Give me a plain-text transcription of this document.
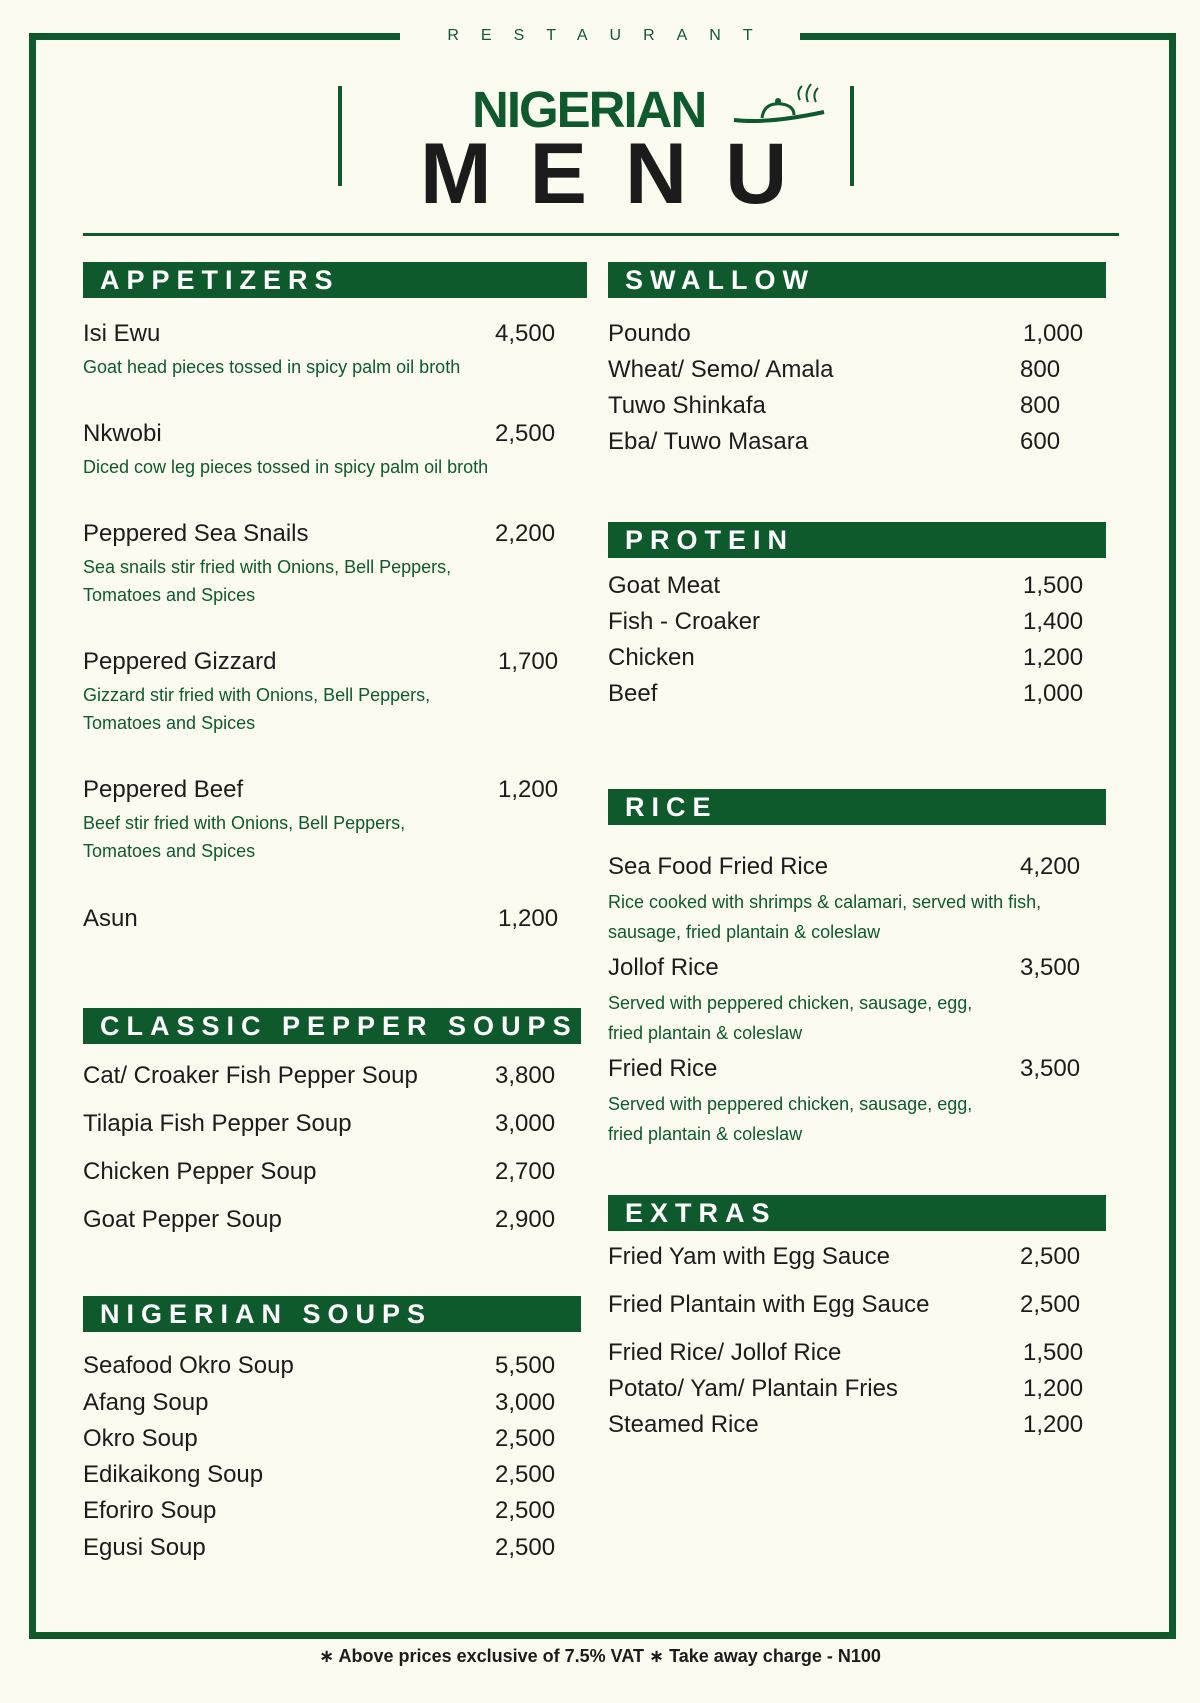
RESTAURANT
NIGERIAN
MENU
APPETIZERS
Isi Ewu	4,500
Goat head pieces tossed in spicy palm oil broth
Nkwobi	2,500
Diced cow leg pieces tossed in spicy palm oil broth
Peppered Sea Snails	2,200
Sea snails stir fried with Onions, Bell Peppers,
Tomatoes and Spices
Peppered Gizzard	1,700
Gizzard stir fried with Onions, Bell Peppers,
Tomatoes and Spices
Peppered Beef	1,200
Beef stir fried with Onions, Bell Peppers,
Tomatoes and Spices
Asun	1,200
CLASSIC PEPPER SOUPS
Cat/ Croaker Fish Pepper Soup	3,800
Tilapia Fish Pepper Soup	3,000
Chicken Pepper Soup	2,700
Goat Pepper Soup	2,900
NIGERIAN SOUPS
Seafood Okro Soup	5,500
Afang Soup	3,000
Okro Soup	2,500
Edikaikong Soup	2,500
Eforiro Soup	2,500
Egusi Soup	2,500
SWALLOW
Poundo	1,000
Wheat/ Semo/ Amala	800
Tuwo Shinkafa	800
Eba/ Tuwo Masara	600
PROTEIN
Goat Meat	1,500
Fish - Croaker	1,400
Chicken	1,200
Beef	1,000
RICE
Sea Food Fried Rice	4,200
Rice cooked with shrimps & calamari, served with fish,
sausage, fried plantain & coleslaw
Jollof Rice	3,500
Served with peppered chicken, sausage, egg,
fried plantain & coleslaw
Fried Rice	3,500
Served with peppered chicken, sausage, egg,
fried plantain & coleslaw
EXTRAS
Fried Yam with Egg Sauce	2,500
Fried Plantain with Egg Sauce	2,500
Fried Rice/ Jollof Rice	1,500
Potato/ Yam/ Plantain Fries	1,200
Steamed Rice	1,200
∗ Above prices exclusive of 7.5% VAT ∗ Take away charge - N100
